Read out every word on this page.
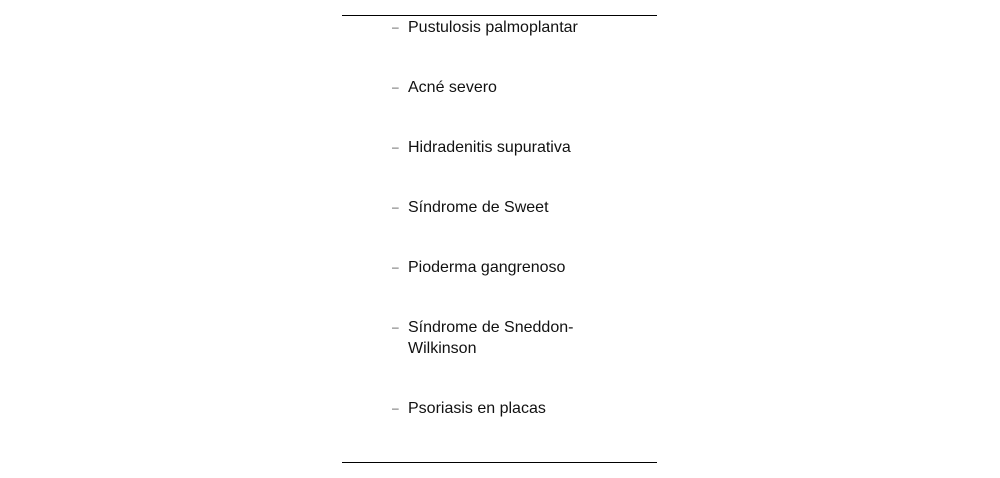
– Pustulosis palmoplantar
– Acné severo
– Hidradenitis supurativa
– Síndrome de Sweet
– Pioderma gangrenoso
– Síndrome de Sneddon-Wilkinson
– Psoriasis en placas
